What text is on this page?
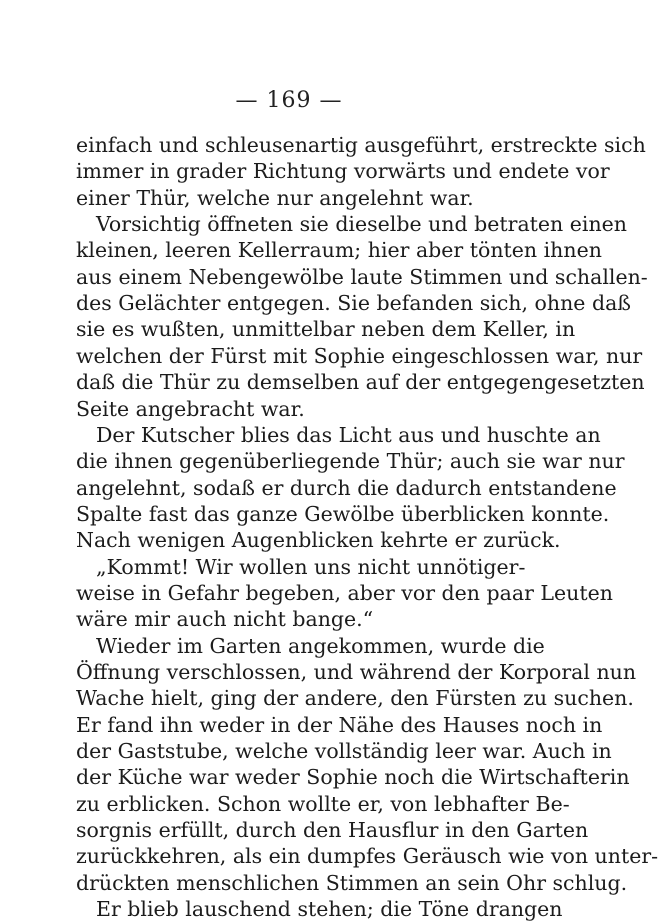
— 169 —
einfach und schleusenartig ausgeführt, erstreckte sich
immer in grader Richtung vorwärts und endete vor
einer Thür, welche nur angelehnt war.
Vorsichtig öffneten sie dieselbe und betraten einen
kleinen, leeren Kellerraum; hier aber tönten ihnen
aus einem Nebengewölbe laute Stimmen und schallen-
des Gelächter entgegen. Sie befanden sich, ohne daß
sie es wußten, unmittelbar neben dem Keller, in
welchen der Fürst mit Sophie eingeschlossen war, nur
daß die Thür zu demselben auf der entgegengesetzten
Seite angebracht war.
Der Kutscher blies das Licht aus und huschte an
die ihnen gegenüberliegende Thür; auch sie war nur
angelehnt, sodaß er durch die dadurch entstandene
Spalte fast das ganze Gewölbe überblicken konnte.
Nach wenigen Augenblicken kehrte er zurück.
„Kommt! Wir wollen uns nicht unnötiger-
weise in Gefahr begeben, aber vor den paar Leuten
wäre mir auch nicht bange.“
Wieder im Garten angekommen, wurde die
Öffnung verschlossen, und während der Korporal nun
Wache hielt, ging der andere, den Fürsten zu suchen.
Er fand ihn weder in der Nähe des Hauses noch in
der Gaststube, welche vollständig leer war. Auch in
der Küche war weder Sophie noch die Wirtschafterin
zu erblicken. Schon wollte er, von lebhafter Be-
sorgnis erfüllt, durch den Hausflur in den Garten
zurückkehren, als ein dumpfes Geräusch wie von unter-
drückten menschlichen Stimmen an sein Ohr schlug.
Er blieb lauschend stehen; die Töne drangen
